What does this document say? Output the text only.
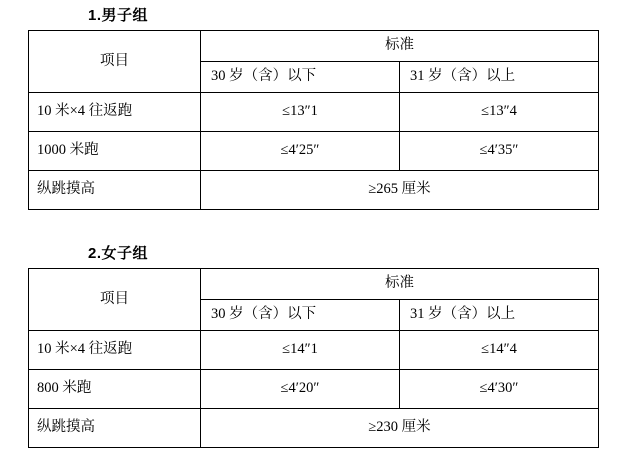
1.男子组
项目	标准	
	30 岁（含）以下	31 岁（含）以上
10 米×4 往返跑	≤13″1	≤13″4
1000 米跑	≤4′25″	≤4′35″
纵跳摸高	≥265 厘米	
2.女子组
项目	标准	
	30 岁（含）以下	31 岁（含）以上
10 米×4 往返跑	≤14″1	≤14″4
800 米跑	≤4′20″	≤4′30″
纵跳摸高	≥230 厘米	
